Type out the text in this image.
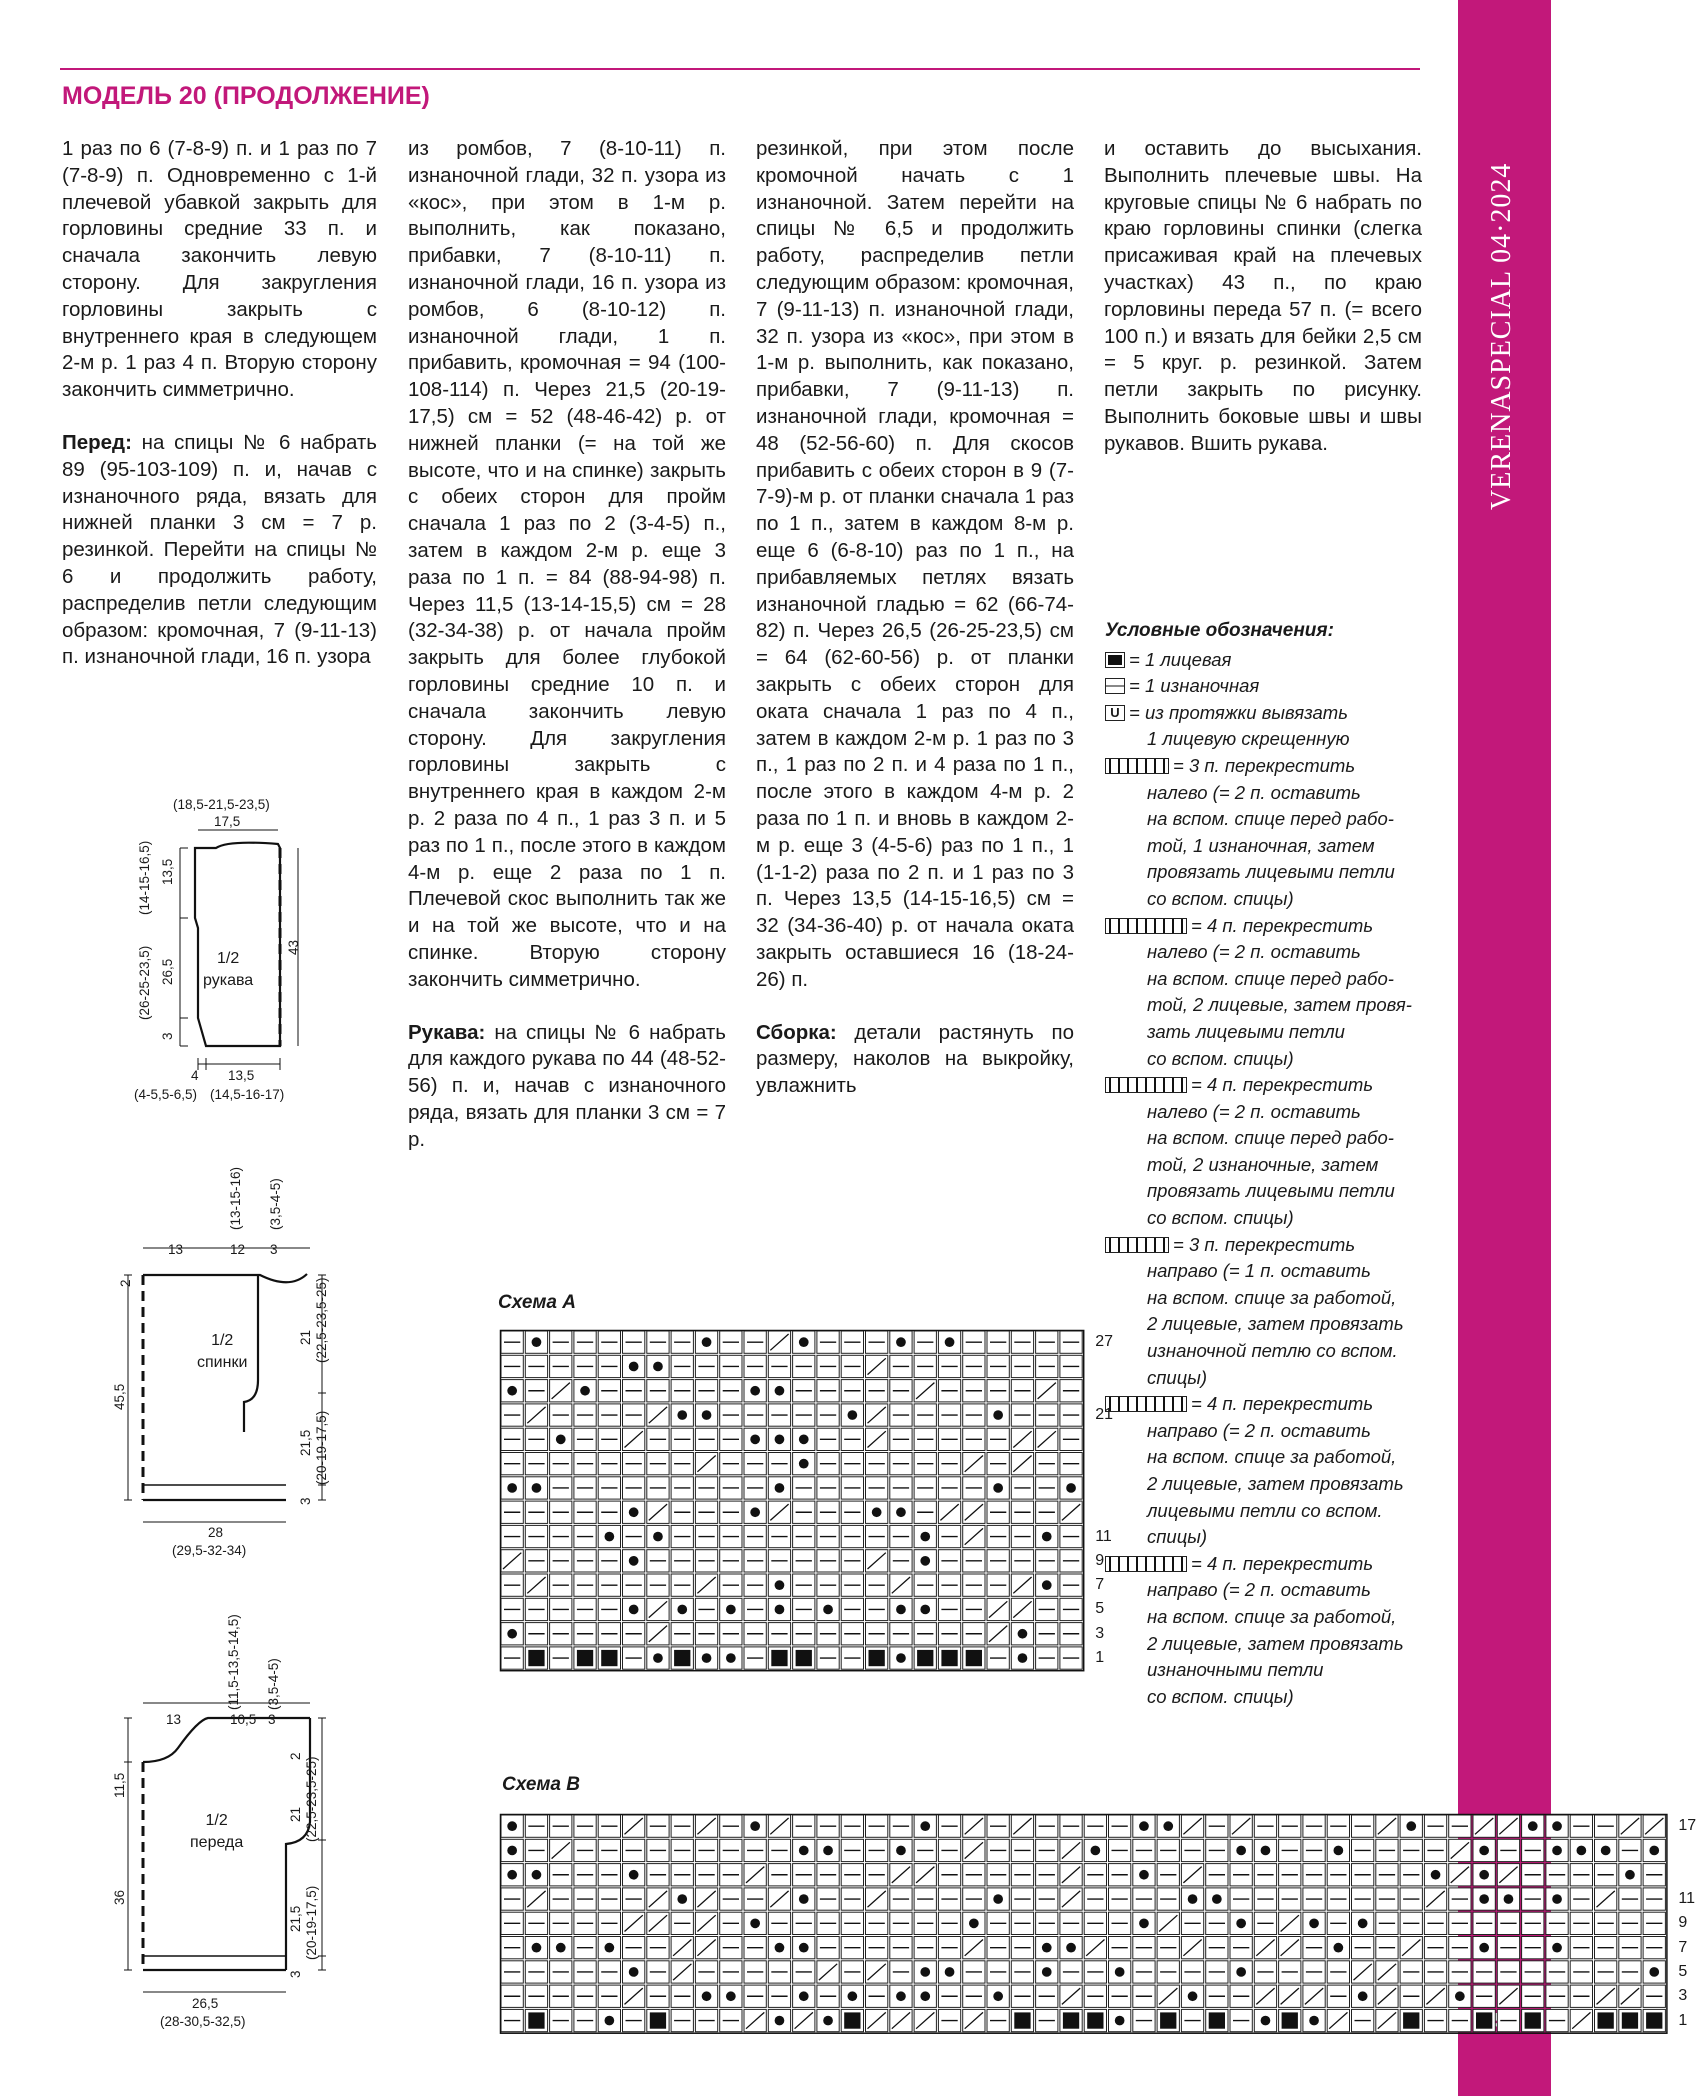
VERENASPECIAL 04·2024
МОДЕЛЬ 20 (ПРОДОЛЖЕНИЕ)

1 раз по 6 (7-8-9) п. и 1 раз по 7 (7-8-9) п. Одновременно с 1-й плечевой убавкой закрыть для горловины средние 33 п. и сначала закончить левую сторону. Для закругления горловины закрыть с внутреннего края в следующем 2-м р. 1 раз 4 п. Вторую сторону закончить симметрично.

Перед: на спицы № 6 набрать 89 (95-103-109) п. и, начав с изнаночного ряда, вязать для нижней планки 3 см = 7 р. резинкой. Перейти на спицы № 6 и продолжить работу, распределив петли следующим образом: кромочная, 7 (9-11-13) п. изнаночной глади, 16 п. узора

из ромбов, 7 (8-10-11) п. изнаночной глади, 32 п. узора из «кос», при этом в 1-м р. выполнить, как показано, прибавки, 7 (8-10-11) п. изнаночной глади, 16 п. узора из ромбов, 6 (8-10-12) п. изнаночной глади, 1 п. прибавить, кромочная = 94 (100-108-114) п. Через 21,5 (20-19-17,5) см = 52 (48-46-42) р. от нижней планки (= на той же высоте, что и на спинке) закрыть с обеих сторон для пройм сначала 1 раз по 2 (3-4-5) п., затем в каждом 2-м р. еще 3 раза по 1 п. = 84 (88-94-98) п. Через 11,5 (13-14-15,5) см = 28 (32-34-38) р. от начала пройм закрыть для более глубокой горловины средние 10 п. и сначала закончить левую сторону. Для закругления горловины закрыть с внутреннего края в каждом 2-м р. 2 раза по 4 п., 1 раз 3 п. и 5 раз по 1 п., после этого в каждом 4-м р. еще 2 раза по 1 п. Плечевой скос выполнить так же и на той же высоте, что и на спинке. Вторую сторону закончить симметрично.

Рукава: на спицы № 6 набрать для каждого рукава по 44 (48-52-56) п. и, начав с изнаночного ряда, вязать для планки 3 см = 7 р.

резинкой, при этом после кромочной начать с 1 изнаночной. Затем перейти на спицы № 6,5 и продолжить работу, распределив петли следующим образом: кромочная, 7 (9-11-13) п. изнаночной глади, 32 п. узора из «кос», при этом в 1-м р. выполнить, как показано, прибавки, 7 (9-11-13) п. изнаночной глади, кромочная = 48 (52-56-60) п. Для скосов прибавить с обеих сторон в 9 (7-7-9)-м р. от планки сначала 1 раз по 1 п., затем в каждом 8-м р. еще 6 (6-8-10) раз по 1 п., на прибавляемых петлях вязать изнаночной гладью = 62 (66-74-82) п. Через 26,5 (26-25-23,5) см = 64 (62-60-56) р. от планки закрыть с обеих сторон для оката сначала 1 раз по 4 п., затем в каждом 2-м р. 1 раз по 3 п., 1 раз по 2 п. и 4 раза по 1 п., после этого в каждом 4-м р. 2 раза по 1 п. и вновь в каждом 2-м р. еще 3 (4-5-6) раз по 1 п., 1 (1-1-2) раза по 2 п. и 1 раз по 3 п. Через 13,5 (14-15-16,5) см = 32 (34-36-40) р. от начала оката закрыть оставшиеся 16 (18-24-26) п.

Сборка: детали растянуть по размеру, наколов на выкройку, увлажнить

и оставить до высыхания. Выполнить плечевые швы. На круговые спицы № 6 набрать по краю горловины спинки (слегка присаживая край на плечевых участках) 43 п., по краю горловины переда 57 п. (= всего 100 п.) и вязать для бейки 2,5 см = 5 круг. р. резинкой. Затем петли закрыть по рисунку. Выполнить боковые швы и швы рукавов. Вшить рукава.

Условные обозначения:
= 1 лицевая
= 1 изнаночная
U = из протяжки вывязать
1 лицевую скрещенную
= 3 п. перекрестить
налево (= 2 п. оставить
на вспом. спице перед рабо-
той, 1 изнаночная, затем
провязать лицевыми петли
со вспом. спицы)
= 4 п. перекрестить
налево (= 2 п. оставить
на вспом. спице перед рабо-
той, 2 лицевые, затем провя-
зать лицевыми петли
со вспом. спицы)
= 4 п. перекрестить
налево (= 2 п. оставить
на вспом. спице перед рабо-
той, 2 изнаночные, затем
провязать лицевыми петли
со вспом. спицы)
= 3 п. перекрестить
направо (= 1 п. оставить
на вспом. спице за работой,
2 лицевые, затем провязать
изнаночной петлю со вспом.
спицы)
= 4 п. перекрестить
направо (= 2 п. оставить
на вспом. спице за работой,
2 лицевые, затем провязать
лицевыми петли со вспом.
спицы)
= 4 п. перекрестить
направо (= 2 п. оставить
на вспом. спице за работой,
2 лицевые, затем провязать
изнаночными петли
со вспом. спицы)
(18,5-21,5-23,5)
17,5
1/2
рукава
(14-15-16,5) 13,5
(26-25-23,5) 26,5
3
43
4 13,5
(4-5,5-6,5) (14,5-16-17)
13	12 3
(13-15-16) (3,5-4-5)
2
1/2
спинки
21 (22,5-23,5-25)
21,5 (20-19-17,5)
3
45,5
28
(29,5-32-34)
13	10,5 3
(11,5-13,5-14,5) (3,5-4-5)
2
11,5
1/2
переда
21 (22,5-23,5-25)
21,5 (20-19-17,5)
3
36
26,5
(28-30,5-32,5)
Схема А
27
21
11
9
7
5
3
1
Схема В
17
11
9
7
5
3
1
